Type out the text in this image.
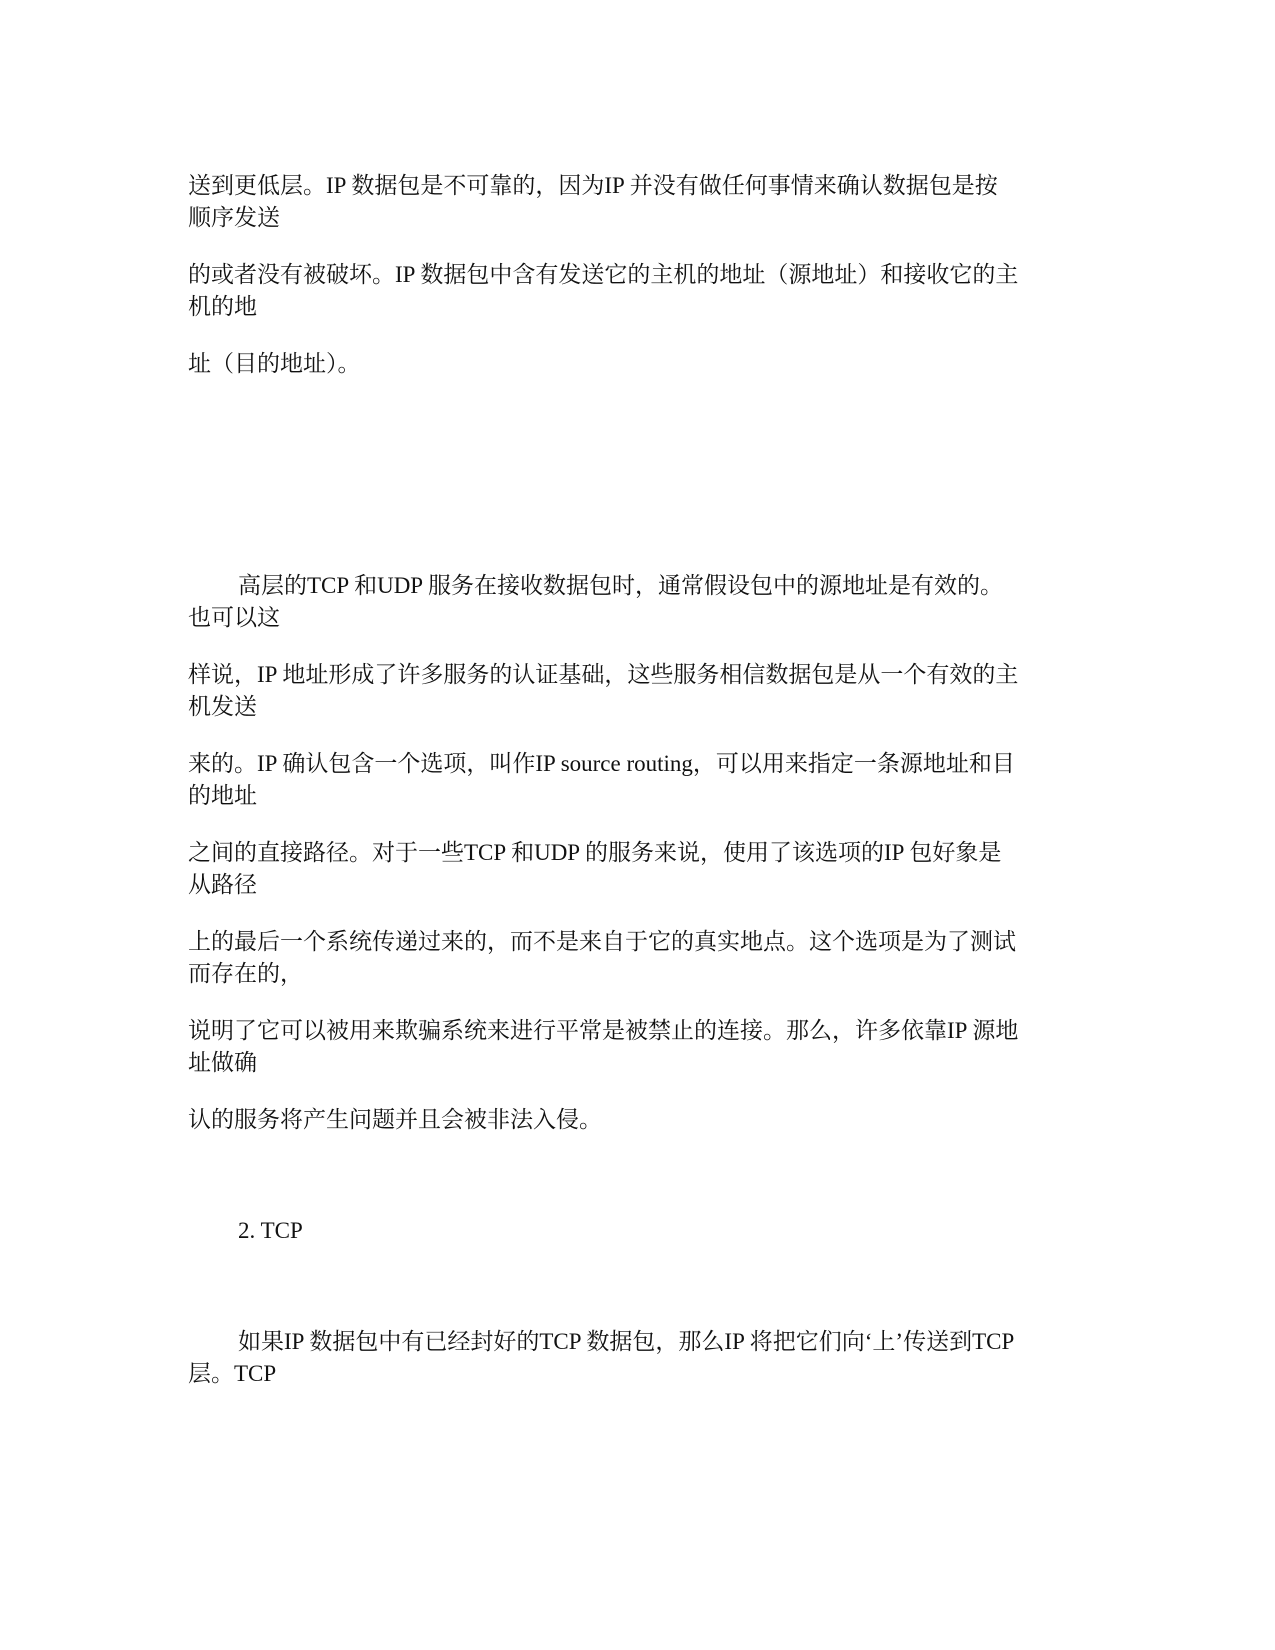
送到更低层。IP 数据包是不可靠的，因为IP 并没有做任何事情来确认数据包是按
顺序发送

的或者没有被破坏。IP 数据包中含有发送它的主机的地址（源地址）和接收它的主
机的地

址（目的地址）。

高层的TCP 和UDP 服务在接收数据包时，通常假设包中的源地址是有效的。
也可以这

样说，IP 地址形成了许多服务的认证基础，这些服务相信数据包是从一个有效的主
机发送

来的。IP 确认包含一个选项，叫作IP source routing，可以用来指定一条源地址和目
的地址

之间的直接路径。对于一些TCP 和UDP 的服务来说，使用了该选项的IP 包好象是
从路径

上的最后一个系统传递过来的，而不是来自于它的真实地点。这个选项是为了测试
而存在的，

说明了它可以被用来欺骗系统来进行平常是被禁止的连接。那么，许多依靠IP 源地
址做确

认的服务将产生问题并且会被非法入侵。

2. TCP

如果IP 数据包中有已经封好的TCP 数据包，那么IP 将把它们向‘上’传送到TCP
层。TCP
